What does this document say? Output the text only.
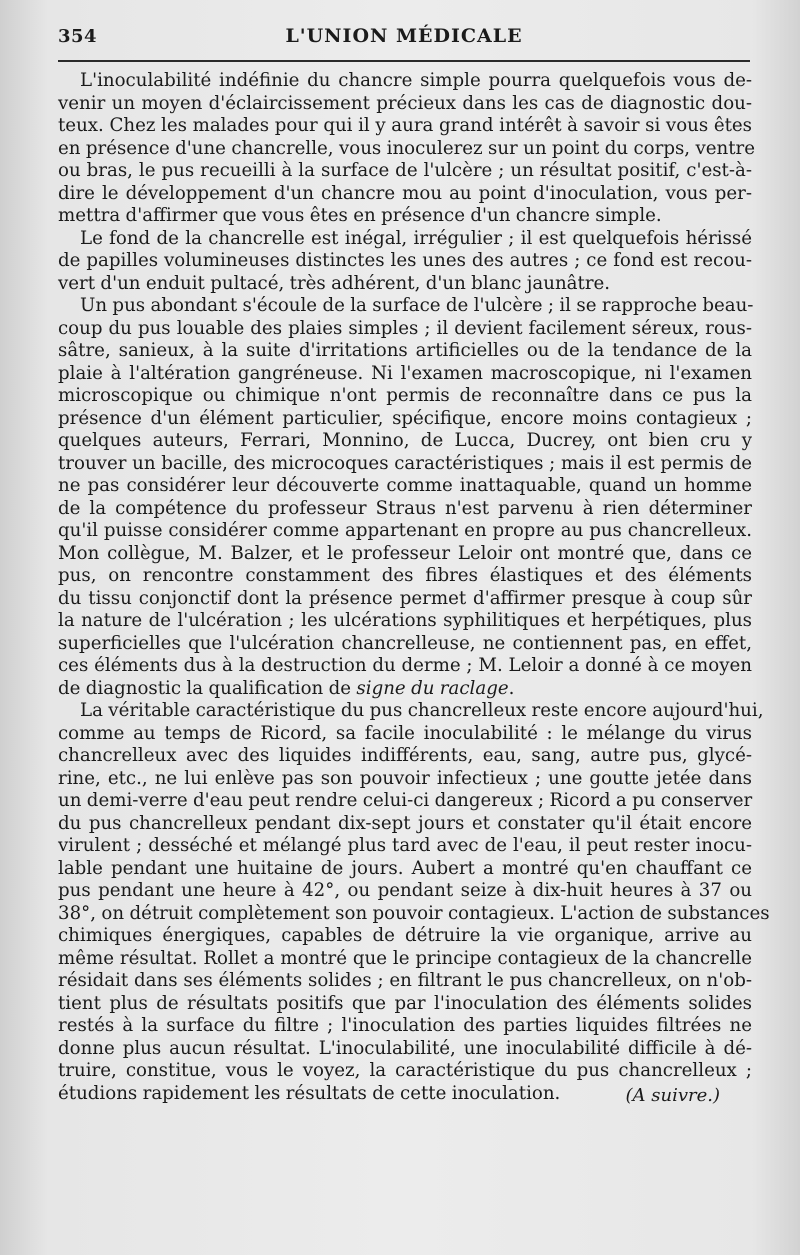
354	L'UNION MÉDICALE

L'inoculabilité indéfinie du chancre simple pourra quelquefois vous de-
venir un moyen d'éclaircissement précieux dans les cas de diagnostic dou-
teux. Chez les malades pour qui il y aura grand intérêt à savoir si vous êtes
en présence d'une chancrelle, vous inoculerez sur un point du corps, ventre
ou bras, le pus recueilli à la surface de l'ulcère ; un résultat positif, c'est-à-
dire le développement d'un chancre mou au point d'inoculation, vous per-
mettra d'affirmer que vous êtes en présence d'un chancre simple.

Le fond de la chancrelle est inégal, irrégulier ; il est quelquefois hérissé
de papilles volumineuses distinctes les unes des autres ; ce fond est recou-
vert d'un enduit pultacé, très adhérent, d'un blanc jaunâtre.

Un pus abondant s'écoule de la surface de l'ulcère ; il se rapproche beau-
coup du pus louable des plaies simples ; il devient facilement séreux, rous-
sâtre, sanieux, à la suite d'irritations artificielles ou de la tendance de la
plaie à l'altération gangréneuse. Ni l'examen macroscopique, ni l'examen
microscopique ou chimique n'ont permis de reconnaître dans ce pus la
présence d'un élément particulier, spécifique, encore moins contagieux ;
quelques auteurs, Ferrari, Monnino, de Lucca, Ducrey, ont bien cru y
trouver un bacille, des microcoques caractéristiques ; mais il est permis de
ne pas considérer leur découverte comme inattaquable, quand un homme
de la compétence du professeur Straus n'est parvenu à rien déterminer
qu'il puisse considérer comme appartenant en propre au pus chancrelleux.
Mon collègue, M. Balzer, et le professeur Leloir ont montré que, dans ce
pus, on rencontre constamment des fibres élastiques et des éléments
du tissu conjonctif dont la présence permet d'affirmer presque à coup sûr
la nature de l'ulcération ; les ulcérations syphilitiques et herpétiques, plus
superficielles que l'ulcération chancrelleuse, ne contiennent pas, en effet,
ces éléments dus à la destruction du derme ; M. Leloir a donné à ce moyen
de diagnostic la qualification de signe du raclage.

La véritable caractéristique du pus chancrelleux reste encore aujourd'hui,
comme au temps de Ricord, sa facile inoculabilité : le mélange du virus
chancrelleux avec des liquides indifférents, eau, sang, autre pus, glycé-
rine, etc., ne lui enlève pas son pouvoir infectieux ; une goutte jetée dans
un demi-verre d'eau peut rendre celui-ci dangereux ; Ricord a pu conserver
du pus chancrelleux pendant dix-sept jours et constater qu'il était encore
virulent ; desséché et mélangé plus tard avec de l'eau, il peut rester inocu-
lable pendant une huitaine de jours. Aubert a montré qu'en chauffant ce
pus pendant une heure à 42°, ou pendant seize à dix-huit heures à 37 ou
38°, on détruit complètement son pouvoir contagieux. L'action de substances
chimiques énergiques, capables de détruire la vie organique, arrive au
même résultat. Rollet a montré que le principe contagieux de la chancrelle
résidait dans ses éléments solides ; en filtrant le pus chancrelleux, on n'ob-
tient plus de résultats positifs que par l'inoculation des éléments solides
restés à la surface du filtre ; l'inoculation des parties liquides filtrées ne
donne plus aucun résultat. L'inoculabilité, une inoculabilité difficile à dé-
truire, constitue, vous le voyez, la caractéristique du pus chancrelleux ;
étudions rapidement les résultats de cette inoculation.	(A suivre.)
